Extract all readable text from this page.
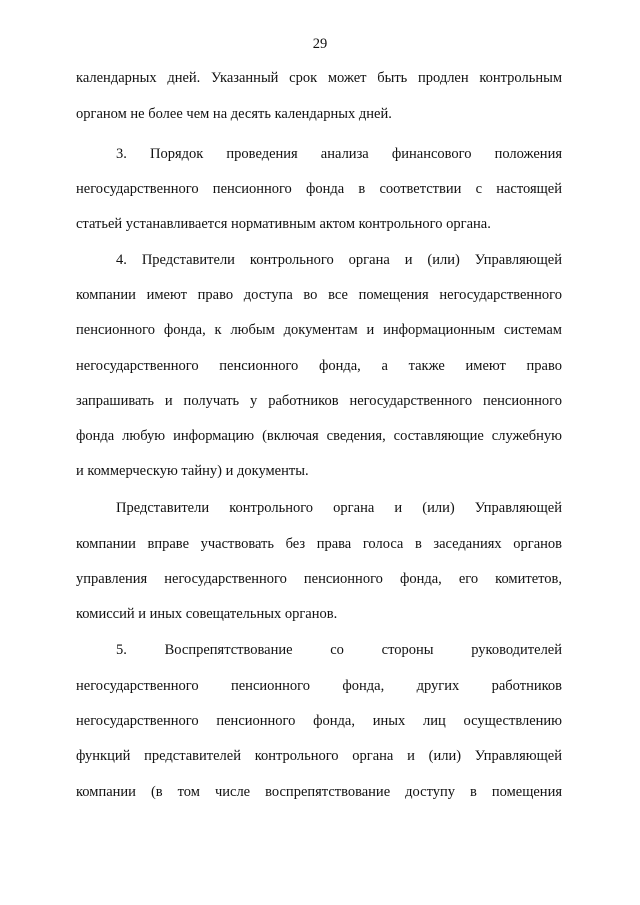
29
календарных дней. Указанный срок может быть продлен контрольным
органом не более чем на десять календарных дней.
3. Порядок проведения анализа финансового положения
негосударственного пенсионного фонда в соответствии с настоящей
статьей устанавливается нормативным актом контрольного органа.
4. Представители контрольного органа и (или) Управляющей
компании имеют право доступа во все помещения негосударственного
пенсионного фонда, к любым документам и информационным системам
негосударственного пенсионного фонда, а также имеют право
запрашивать и получать у работников негосударственного пенсионного
фонда любую информацию (включая сведения, составляющие служебную
и коммерческую тайну) и документы.
Представители контрольного органа и (или) Управляющей
компании вправе участвовать без права голоса в заседаниях органов
управления негосударственного пенсионного фонда, его комитетов,
комиссий и иных совещательных органов.
5. Воспрепятствование со стороны руководителей
негосударственного пенсионного фонда, других работников
негосударственного пенсионного фонда, иных лиц осуществлению
функций представителей контрольного органа и (или) Управляющей
компании (в том числе воспрепятствование доступу в помещения
